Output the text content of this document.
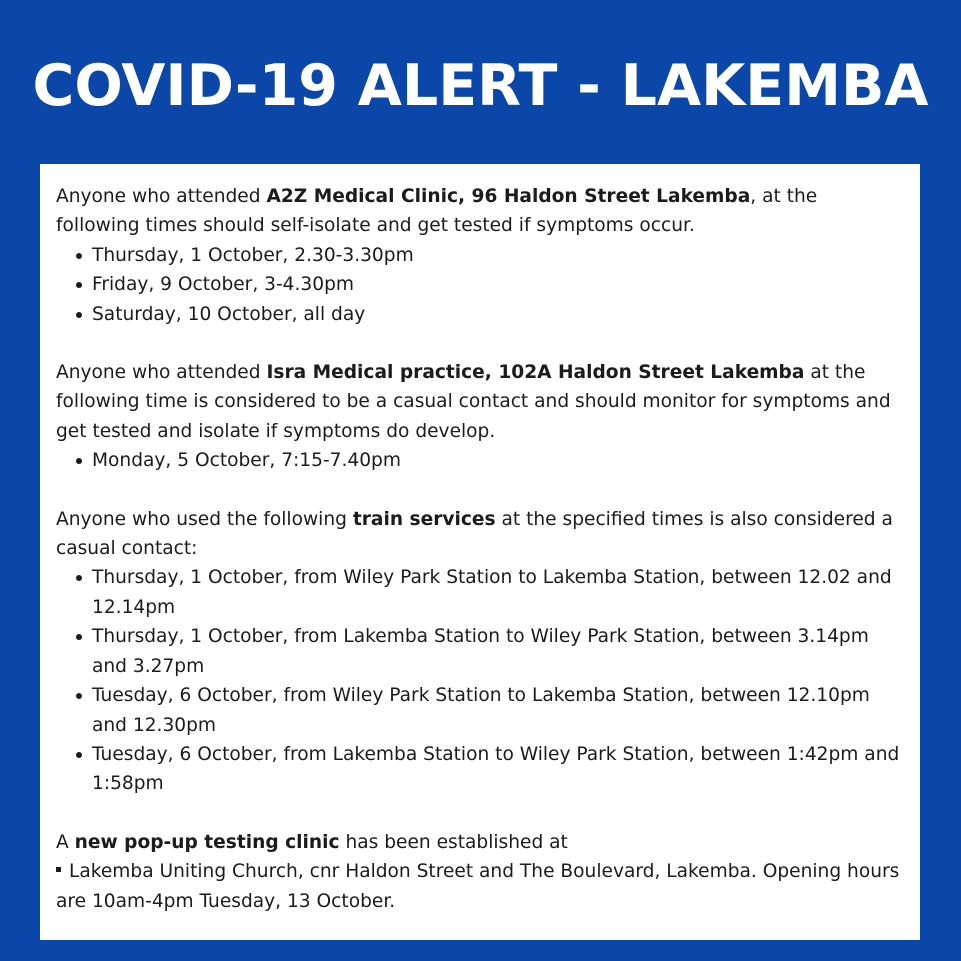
COVID-19 ALERT - LAKEMBA

Anyone who attended A2Z Medical Clinic, 96 Haldon Street Lakemba, at the following times should self-isolate and get tested if symptoms occur.

Thursday, 1 October, 2.30-3.30pm
Friday, 9 October, 3-4.30pm
Saturday, 10 October, all day

Anyone who attended Isra Medical practice, 102A Haldon Street Lakemba at the following time is considered to be a casual contact and should monitor for symptoms and get tested and isolate if symptoms do develop.

Monday, 5 October, 7:15-7.40pm

Anyone who used the following train services at the specified times is also considered a casual contact:

Thursday, 1 October, from Wiley Park Station to Lakemba Station, between 12.02 and 12.14pm
Thursday, 1 October, from Lakemba Station to Wiley Park Station, between 3.14pm and 3.27pm
Tuesday, 6 October, from Wiley Park Station to Lakemba Station, between 12.10pm and 12.30pm
Tuesday, 6 October, from Lakemba Station to Wiley Park Station, between 1:42pm and 1:58pm

A new pop-up testing clinic has been established at

Lakemba Uniting Church, cnr Haldon Street and The Boulevard, Lakemba. Opening hours are 10am-4pm Tuesday, 13 October.
